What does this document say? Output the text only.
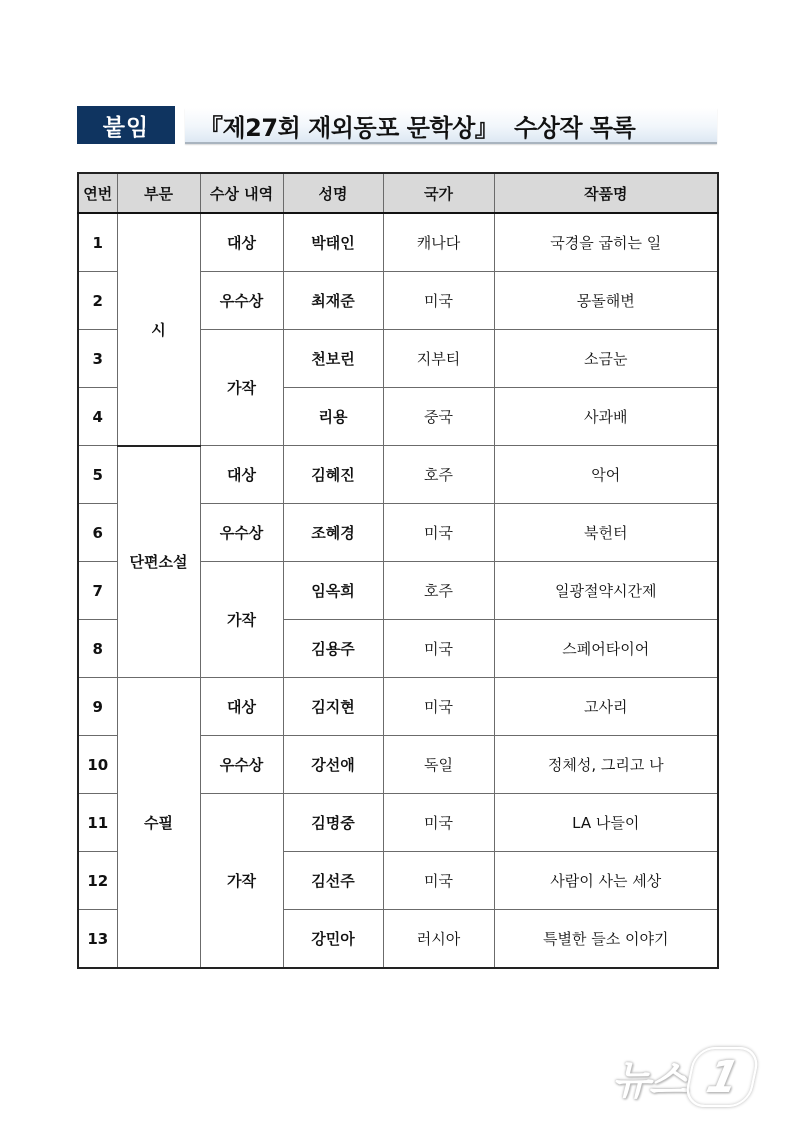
붙임	『제27회 재외동포 문학상』  수상작 목록
연번	부문	수상 내역	성명	국가	작품명
1	시	대상	박태인	캐나다	국경을 굽히는 일
2		우수상	최재준	미국	몽돌해변
3		가작	천보린	지부티	소금눈
4			리용	중국	사과배
5	단편소설	대상	김혜진	호주	악어
6		우수상	조혜경	미국	북헌터
7		가작	임옥희	호주	일광절약시간제
8			김용주	미국	스페어타이어
9	수필	대상	김지현	미국	고사리
10		우수상	강선애	독일	정체성, 그리고 나
11		가작	김명중	미국	LA 나들이
12			김선주	미국	사람이 사는 세상
13			강민아	러시아	특별한 들소 이야기
뉴스 1
